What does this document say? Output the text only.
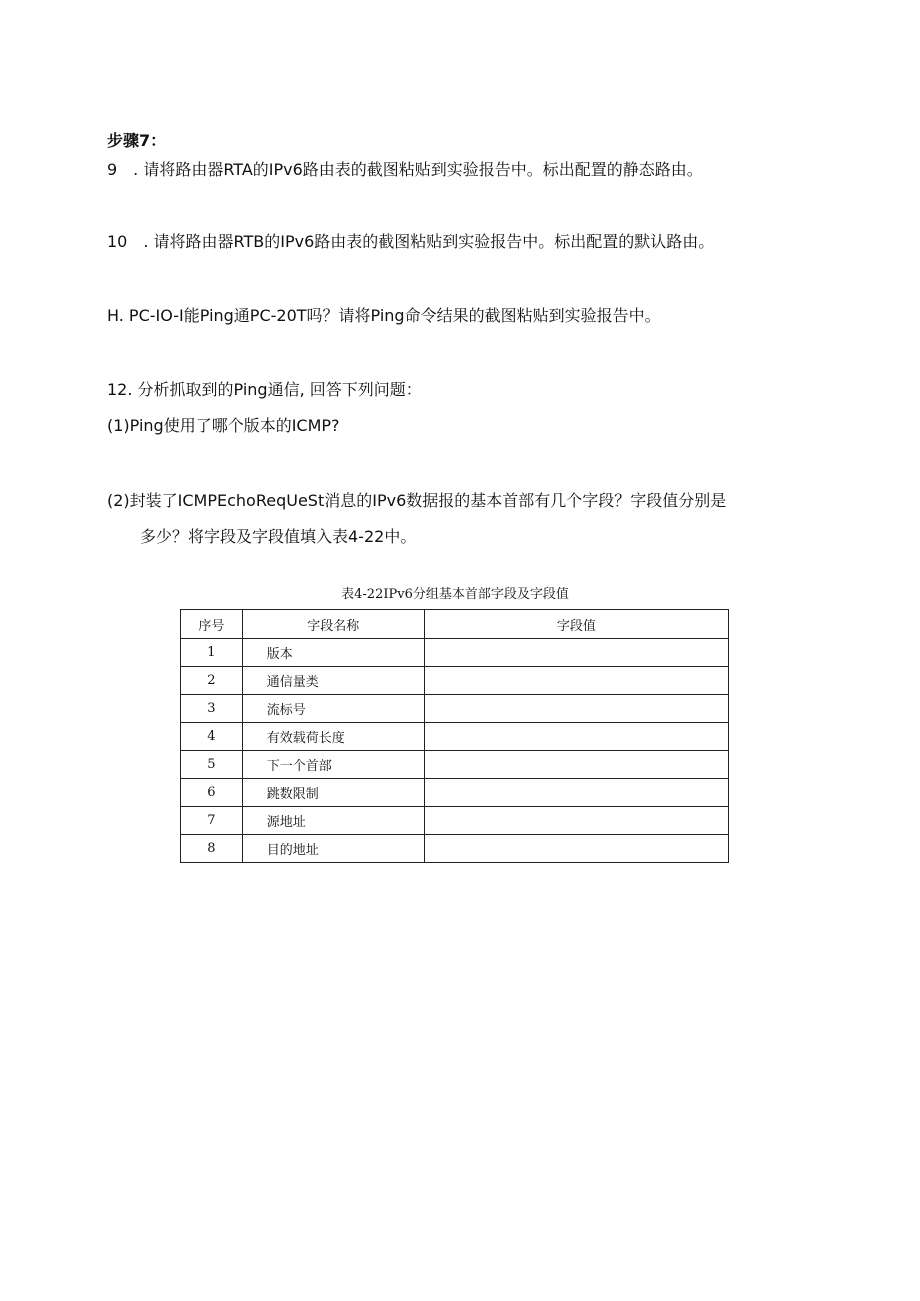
步骤7：
9　. 请将路由器RTA的IPv6路由表的截图粘贴到实验报告中。标出配置的静态路由。
10　. 请将路由器RTB的IPv6路由表的截图粘贴到实验报告中。标出配置的默认路由。
H. PC-IO-I能Ping通PC-20T吗？请将Ping命令结果的截图粘贴到实验报告中。
12. 分析抓取到的Ping通信, 回答下列问题：
(1)Ping使用了哪个版本的ICMP?
(2)封装了ICMPEchoReqUeSt消息的IPv6数据报的基本首部有几个字段？字段值分别是
多少？将字段及字段值填入表4-22中。
表4-22IPv6分组基本首部字段及字段值
序号	字段名称	字段值
1	版本	
2	通信量类	
3	流标号	
4	有效载荷长度	
5	下一个首部	
6	跳数限制	
7	源地址	
8	目的地址	
